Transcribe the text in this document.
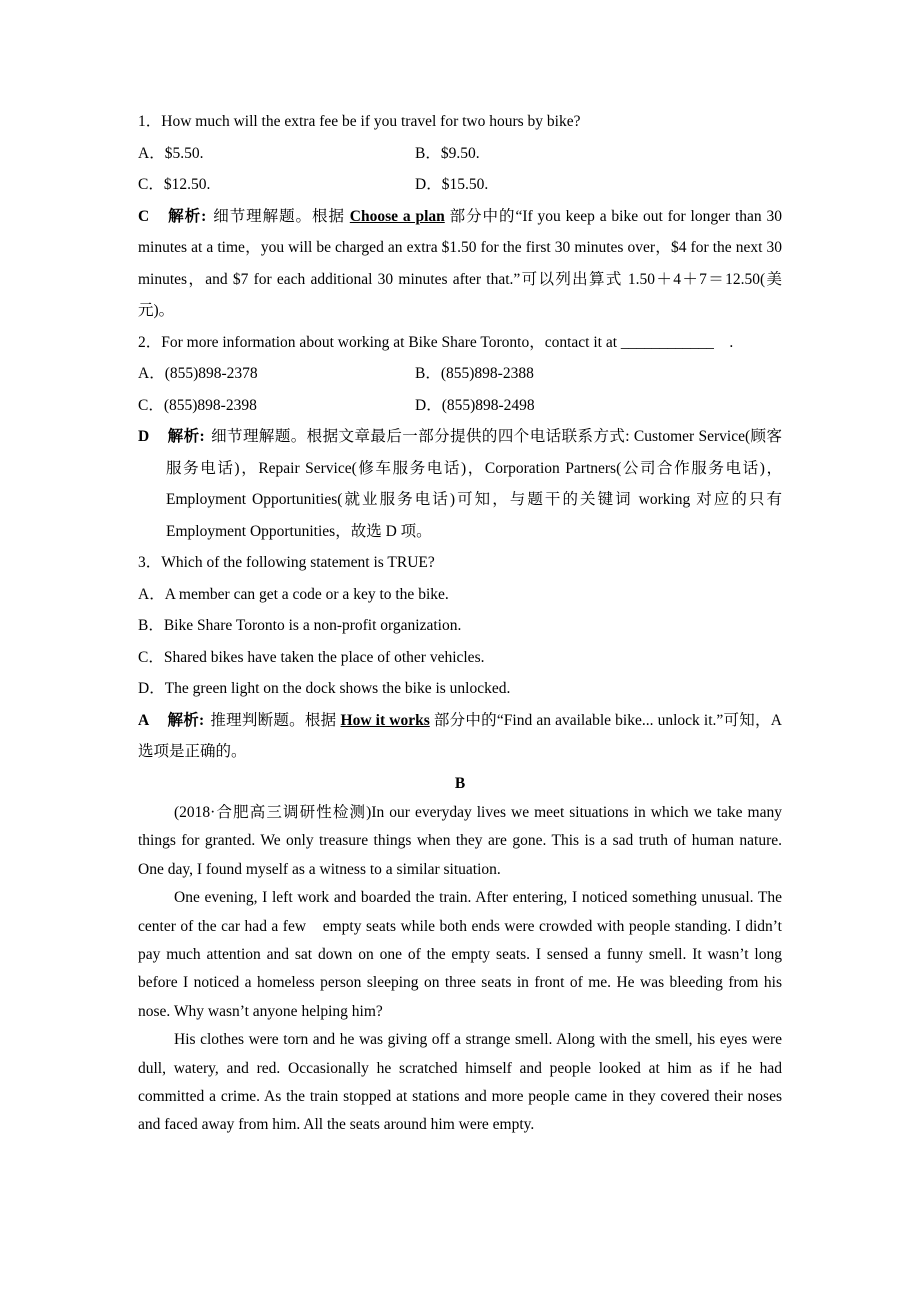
1．How much will the extra fee be if you travel for two hours by bike?

A．$5.50.	B．$9.50.
C．$12.50.	D．$15.50.

C 解析: 细节理解题。根据 Choose a plan 部分中的“If you keep a bike out for longer than 30 minutes at a time，you will be charged an extra $1.50 for the first 30 minutes over，$4 for the next 30 minutes，and $7 for each additional 30 minutes after that.”可以列出算式 1.50＋4＋7＝12.50(美元)。

2．For more information about working at Bike Share Toronto，contact it at ____________　.

A．(855)898-2378	B．(855)898-2388
C．(855)898-2398	D．(855)898-2498

D 解析: 细节理解题。根据文章最后一部分提供的四个电话联系方式: Customer Service(顾客服务电话)，Repair Service(修车服务电话)，Corporation Partners(公司合作服务电话)，Employment Opportunities(就业服务电话)可知，与题干的关键词 working 对应的只有 Employment Opportunities，故选 D 项。

3．Which of the following statement is TRUE?

A．A member can get a code or a key to the bike.
B．Bike Share Toronto is a non-profit organization.
C．Shared bikes have taken the place of other vehicles.
D．The green light on the dock shows the bike is unlocked.

A 解析: 推理判断题。根据 How it works 部分中的“Find an available bike... unlock it.”可知，A 选项是正确的。

B

(2018·合肥高三调研性检测)In our everyday lives we meet situations in which we take many things for granted. We only treasure things when they are gone. This is a sad truth of human nature. One day, I found myself as a witness to a similar situation.

One evening, I left work and boarded the train. After entering, I noticed something unusual. The center of the car had a few　empty seats while both ends were crowded with people standing. I didn’t pay much attention and sat down on one of the empty seats. I sensed a funny smell. It wasn’t long before I noticed a homeless person sleeping on three seats in front of me. He was bleeding from his nose. Why wasn’t anyone helping him?

His clothes were torn and he was giving off a strange smell. Along with the smell, his eyes were dull, watery, and red. Occasionally he scratched himself and people looked at him as if he had committed a crime. As the train stopped at stations and more people came in they covered their noses and faced away from him. All the seats around him were empty.
